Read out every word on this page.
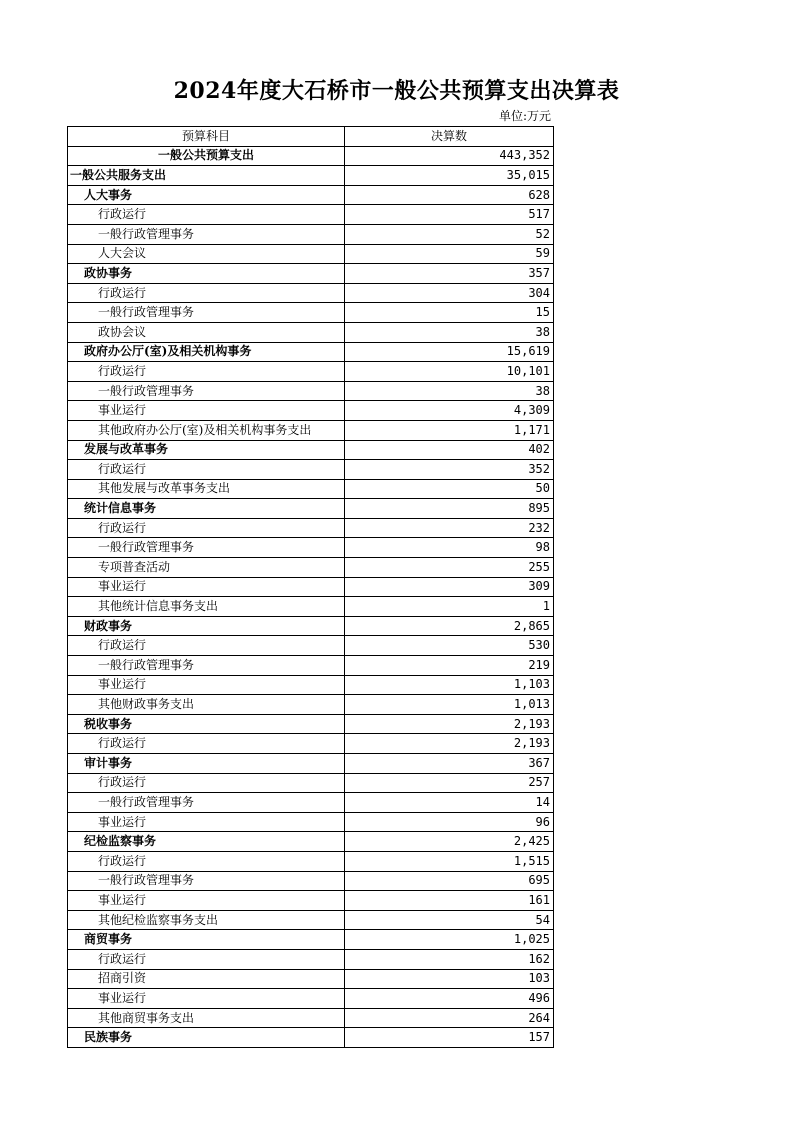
2024年度大石桥市一般公共预算支出决算表
单位:万元
预算科目	决算数
一般公共预算支出	443,352
一般公共服务支出	35,015
人大事务	628
行政运行	517
一般行政管理事务	52
人大会议	59
政协事务	357
行政运行	304
一般行政管理事务	15
政协会议	38
政府办公厅(室)及相关机构事务	15,619
行政运行	10,101
一般行政管理事务	38
事业运行	4,309
其他政府办公厅(室)及相关机构事务支出	1,171
发展与改革事务	402
行政运行	352
其他发展与改革事务支出	50
统计信息事务	895
行政运行	232
一般行政管理事务	98
专项普查活动	255
事业运行	309
其他统计信息事务支出	1
财政事务	2,865
行政运行	530
一般行政管理事务	219
事业运行	1,103
其他财政事务支出	1,013
税收事务	2,193
行政运行	2,193
审计事务	367
行政运行	257
一般行政管理事务	14
事业运行	96
纪检监察事务	2,425
行政运行	1,515
一般行政管理事务	695
事业运行	161
其他纪检监察事务支出	54
商贸事务	1,025
行政运行	162
招商引资	103
事业运行	496
其他商贸事务支出	264
民族事务	157
